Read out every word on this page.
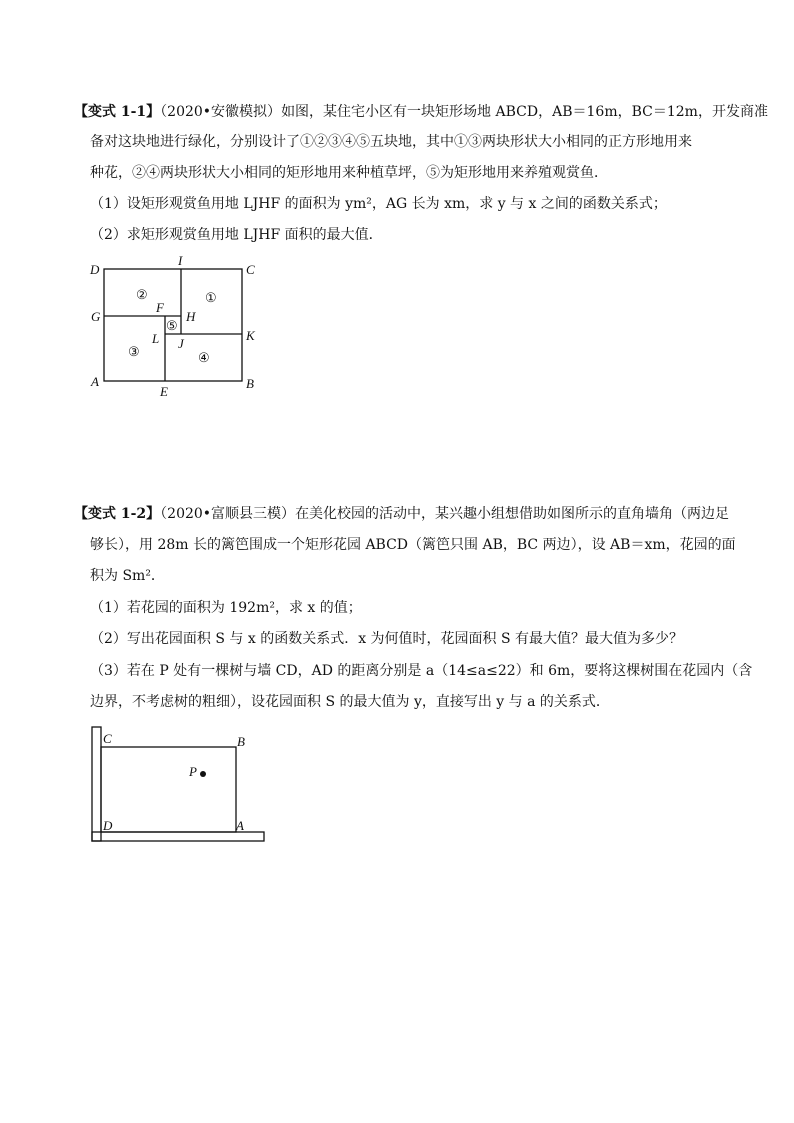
【变式 1-1】（2020•安徽模拟）如图，某住宅小区有一块矩形场地 ABCD，AB＝16m，BC＝12m，开发商准
备对这块地进行绿化，分别设计了①②③④⑤五块地，其中①③两块形状大小相同的正方形地用来
种花，②④两块形状大小相同的矩形地用来种植草坪，⑤为矩形地用来养殖观赏鱼．
（1）设矩形观赏鱼用地 LJHF 的面积为 ym²，AG 长为 xm，求 y 与 x 之间的函数关系式；
（2）求矩形观赏鱼用地 LJHF 面积的最大值．
D
I
C
G
F
H
K
L J
A
E
B
②	①
⑤
③	④
【变式 1-2】（2020•富顺县三模）在美化校园的活动中，某兴趣小组想借助如图所示的直角墙角（两边足
够长），用 28m 长的篱笆围成一个矩形花园 ABCD（篱笆只围 AB，BC 两边），设 AB＝xm，花园的面
积为 Sm²．
（1）若花园的面积为 192m²，求 x 的值；
（2）写出花园面积 S 与 x 的函数关系式．x 为何值时，花园面积 S 有最大值？最大值为多少？
（3）若在 P 处有一棵树与墙 CD，AD 的距离分别是 a（14≤a≤22）和 6m，要将这棵树围在花园内（含
边界，不考虑树的粗细），设花园面积 S 的最大值为 y，直接写出 y 与 a 的关系式．
C	B
P
D	A
